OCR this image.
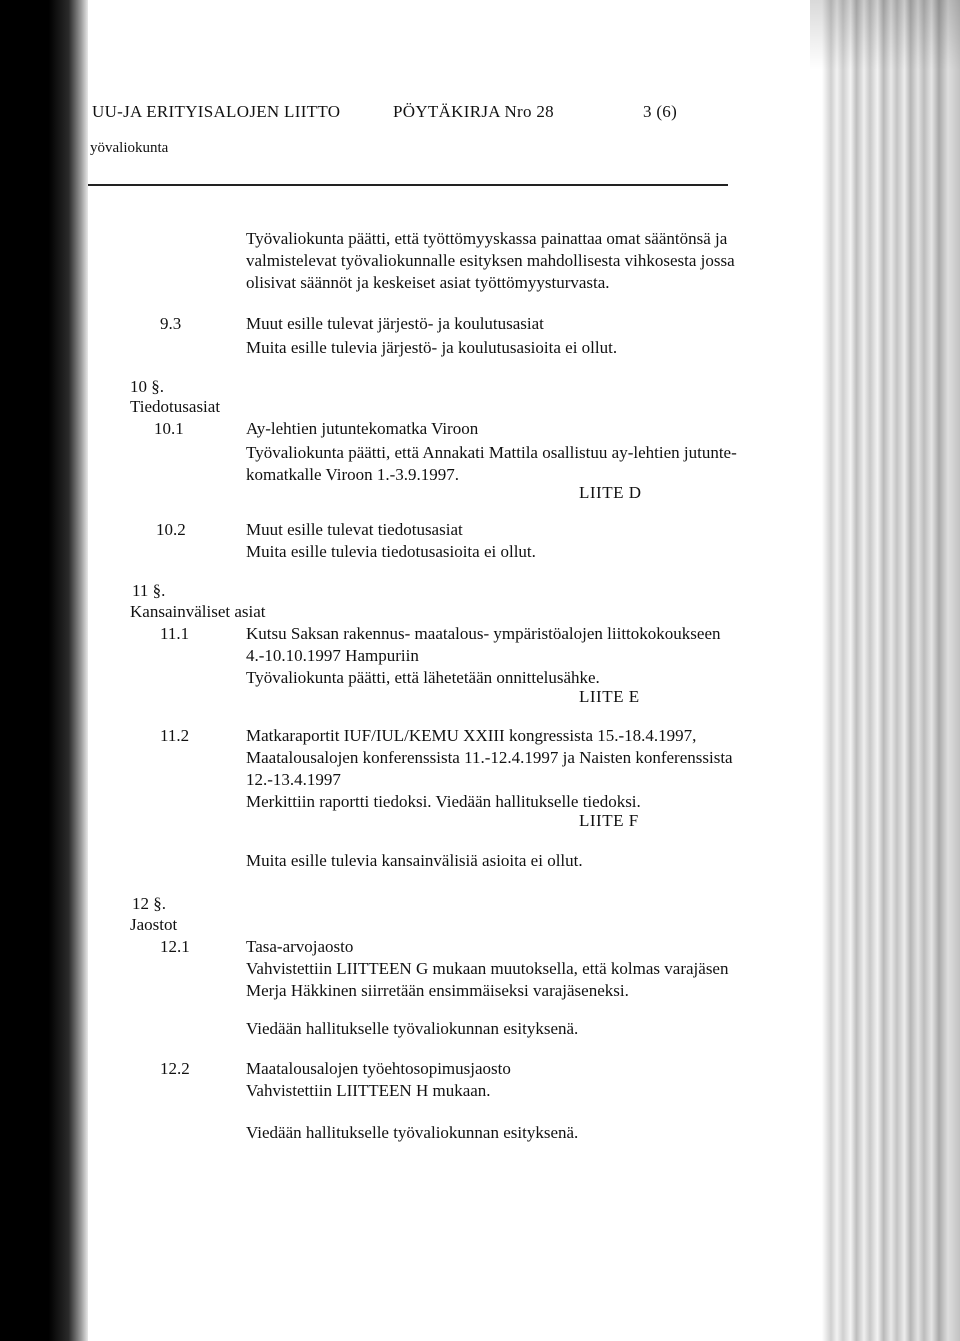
UU-JA ERITYISALOJEN LIITTO	PÖYTÄKIRJA Nro 28	3 (6)
yövaliokunta
Työvaliokunta päätti, että työttömyyskassa painattaa omat sääntönsä ja
valmistelevat työvaliokunnalle esityksen mahdollisesta vihkosesta jossa
olisivat säännöt ja keskeiset asiat työttömyysturvasta.
9.3	Muut esille tulevat järjestö- ja koulutusasiat
Muita esille tulevia järjestö- ja koulutusasioita ei ollut.
10 §.
Tiedotusasiat
10.1	Ay-lehtien jutuntekomatka Viroon
Työvaliokunta päätti, että Annakati Mattila osallistuu ay-lehtien jutunte-
komatkalle Viroon 1.-3.9.1997.
LIITE D
10.2	Muut esille tulevat tiedotusasiat
Muita esille tulevia tiedotusasioita ei ollut.
11 §.
Kansainväliset asiat
11.1	Kutsu Saksan rakennus- maatalous- ympäristöalojen liittokokoukseen
4.-10.10.1997 Hampuriin
Työvaliokunta päätti, että lähetetään onnittelusähke.
LIITE E
11.2	Matkaraportit IUF/IUL/KEMU XXIII kongressista 15.-18.4.1997,
Maatalousalojen konferenssista 11.-12.4.1997 ja Naisten konferenssista
12.-13.4.1997
Merkittiin raportti tiedoksi. Viedään hallitukselle tiedoksi.
LIITE F
Muita esille tulevia kansainvälisiä asioita ei ollut.
12 §.
Jaostot
12.1	Tasa-arvojaosto
Vahvistettiin LIITTEEN G mukaan muutoksella, että kolmas varajäsen
Merja Häkkinen siirretään ensimmäiseksi varajäseneksi.
Viedään hallitukselle työvaliokunnan esityksenä.
12.2	Maatalousalojen työehtosopimusjaosto
Vahvistettiin LIITTEEN H mukaan.
Viedään hallitukselle työvaliokunnan esityksenä.
